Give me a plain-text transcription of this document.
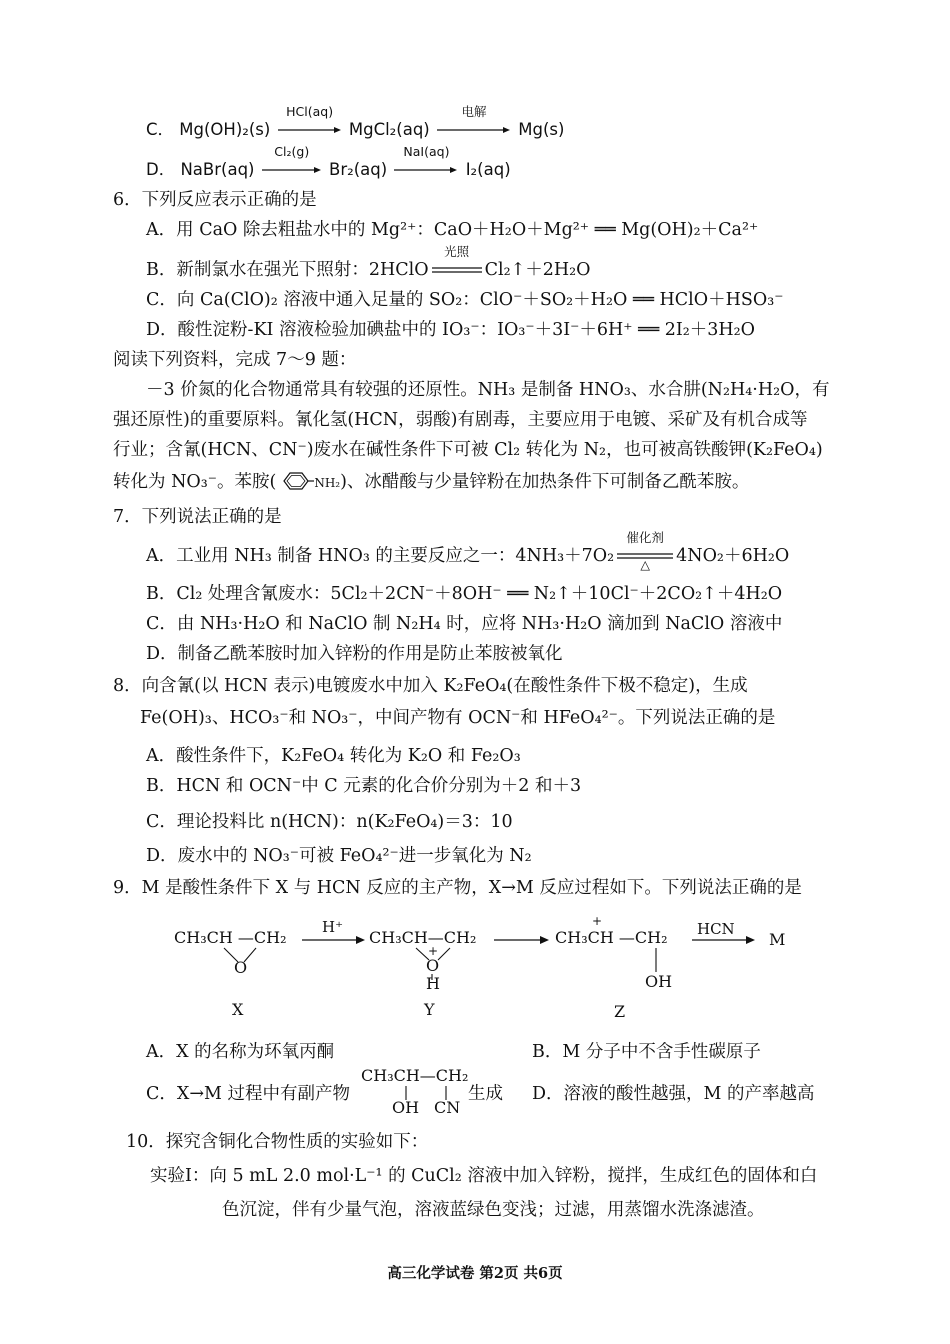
C． Mg(OH)₂(s)
HCl(aq)
MgCl₂(aq)
电解
Mg(s)
D． NaBr(aq)
Cl₂(g)
Br₂(aq)
NaI(aq)
I₂(aq)
6．下列反应表示正确的是
A．用 CaO 除去粗盐水中的 Mg²⁺：CaO＋H₂O＋Mg²⁺ ══ Mg(OH)₂＋Ca²⁺
B．新制氯水在强光下照射：2HClO
光照
Cl₂↑＋2H₂O
C．向 Ca(ClO)₂ 溶液中通入足量的 SO₂：ClO⁻＋SO₂＋H₂O ══ HClO＋HSO₃⁻
D．酸性淀粉-KI 溶液检验加碘盐中的 IO₃⁻：IO₃⁻＋3I⁻＋6H⁺ ══ 2I₂＋3H₂O
阅读下列资料，完成 7～9 题：
－3 价氮的化合物通常具有较强的还原性。NH₃ 是制备 HNO₃、水合肼(N₂H₄·H₂O，有
强还原性)的重要原料。氰化氢(HCN，弱酸)有剧毒，主要应用于电镀、采矿及有机合成等
行业；含氰(HCN、CN⁻)废水在碱性条件下可被 Cl₂ 转化为 N₂，也可被高铁酸钾(K₂FeO₄)
转化为 NO₃⁻。苯胺(	NH₂)、冰醋酸与少量锌粉在加热条件下可制备乙酰苯胺。
7．下列说法正确的是
A．工业用 NH₃ 制备 HNO₃ 的主要反应之一：4NH₃＋7O₂
催化剂
△	4NO₂＋6H₂O
B．Cl₂ 处理含氰废水：5Cl₂＋2CN⁻＋8OH⁻ ══ N₂↑＋10Cl⁻＋2CO₂↑＋4H₂O
C．由 NH₃·H₂O 和 NaClO 制 N₂H₄ 时，应将 NH₃·H₂O 滴加到 NaClO 溶液中
D．制备乙酰苯胺时加入锌粉的作用是防止苯胺被氧化
8．向含氰(以 HCN 表示)电镀废水中加入 K₂FeO₄(在酸性条件下极不稳定)，生成
Fe(OH)₃、HCO₃⁻和 NO₃⁻，中间产物有 OCN⁻和 HFeO₄²⁻。下列说法正确的是
A．酸性条件下，K₂FeO₄ 转化为 K₂O 和 Fe₂O₃
B．HCN 和 OCN⁻中 C 元素的化合价分别为＋2 和＋3
C．理论投料比 n(HCN)：n(K₂FeO₄)＝3：10
D．废水中的 NO₃⁻可被 FeO₄²⁻进一步氧化为 N₂
9．M 是酸性条件下 X 与 HCN 反应的主产物，X→M 反应过程如下。下列说法正确的是
CH₃CH —CH₂
O
X
H⁺
CH₃CH—CH₂
+
O
H
Y
+
CH₃CH —CH₂
OH
Z
HCN
M
A．X 的名称为环氧丙酮	B．M 分子中不含手性碳原子
C．X→M 过程中有副产物
CH₃CH—CH₂
OH CN
生成 D．溶液的酸性越强，M 的产率越高
10．探究含铜化合物性质的实验如下：
实验Ⅰ：向 5 mL 2.0 mol·L⁻¹ 的 CuCl₂ 溶液中加入锌粉，搅拌，生成红色的固体和白
色沉淀，伴有少量气泡，溶液蓝绿色变浅；过滤，用蒸馏水洗涤滤渣。
高三化学试卷 第2页 共6页
